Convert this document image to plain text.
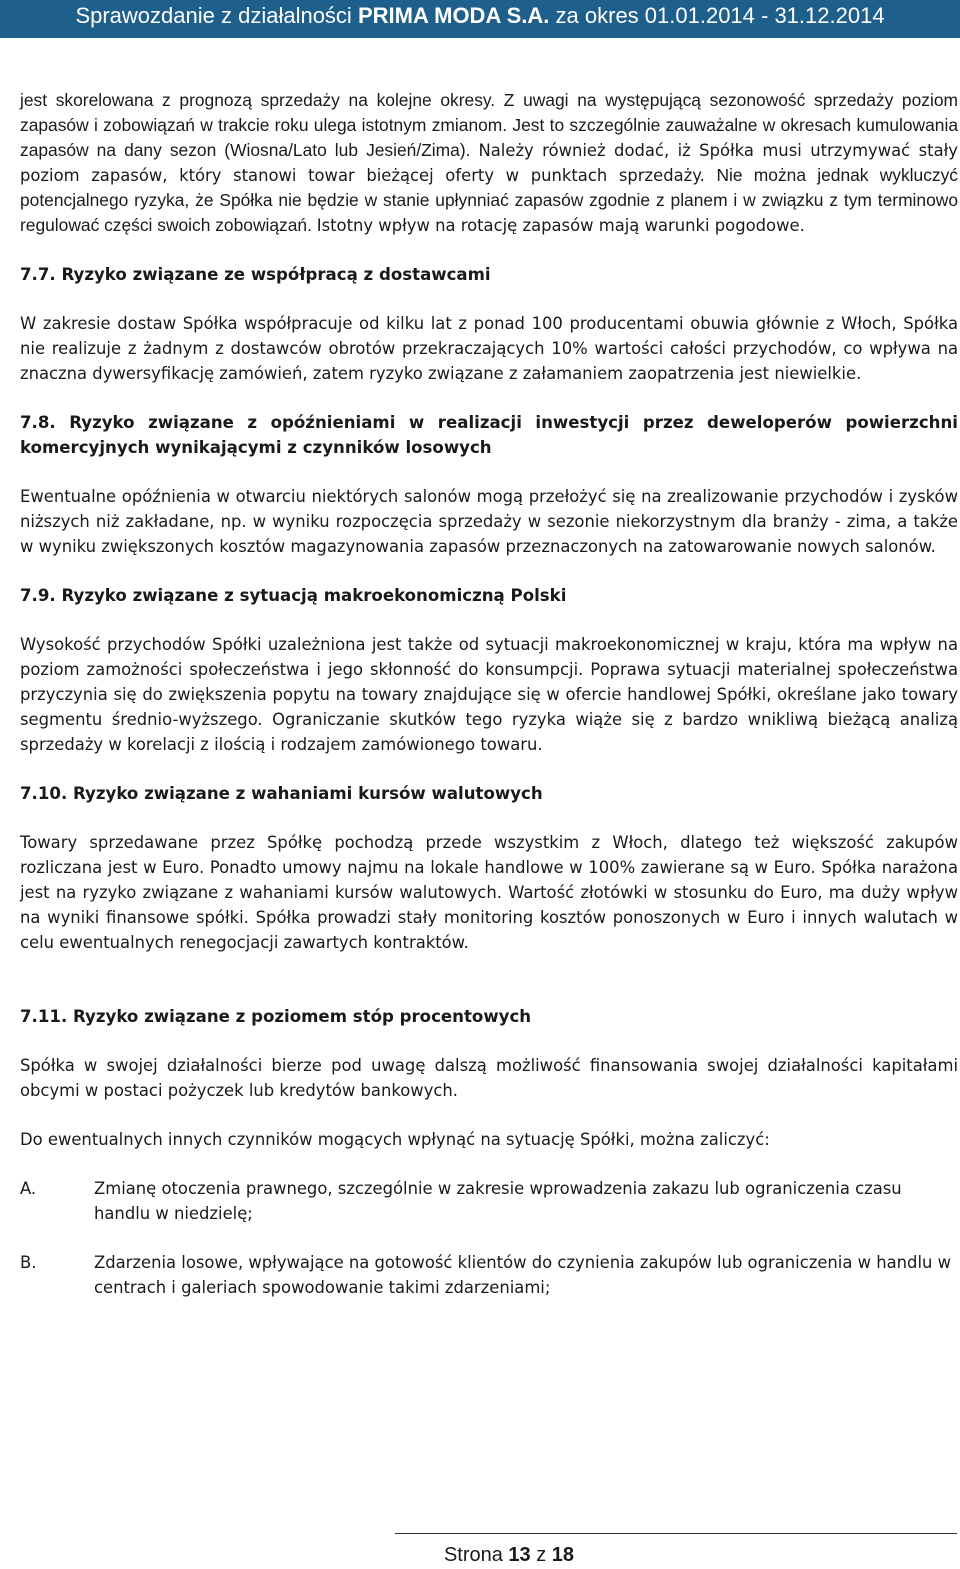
Sprawozdanie z działalności PRIMA MODA S.A. za okres 01.01.2014 - 31.12.2014

jest skorelowana z prognozą sprzedaży na kolejne okresy. Z uwagi na występującą sezonowość sprzedaży poziom zapasów i zobowiązań w trakcie roku ulega istotnym zmianom. Jest to szczególnie zauważalne w okresach kumulowania zapasów na dany sezon (Wiosna/Lato lub Jesień/Zima). Należy również dodać, iż Spółka musi utrzymywać stały poziom zapasów, który stanowi towar bieżącej oferty w punktach sprzedaży. Nie można jednak wykluczyć potencjalnego ryzyka, że Spółka nie będzie w stanie upłynniać zapasów zgodnie z planem i w związku z tym terminowo regulować części swoich zobowiązań. Istotny wpływ na rotację zapasów mają warunki pogodowe.

7.7. Ryzyko związane ze współpracą z dostawcami

W zakresie dostaw Spółka współpracuje od kilku lat z ponad 100 producentami obuwia głównie z Włoch, Spółka nie realizuje z żadnym z dostawców obrotów przekraczających 10% wartości całości przychodów, co wpływa na znaczna dywersyfikację zamówień, zatem ryzyko związane z załamaniem zaopatrzenia jest niewielkie.

7.8. Ryzyko związane z opóźnieniami w realizacji inwestycji przez deweloperów powierzchni komercyjnych wynikającymi z czynników losowych

Ewentualne opóźnienia w otwarciu niektórych salonów mogą przełożyć się na zrealizowanie przychodów i zysków niższych niż zakładane, np. w wyniku rozpoczęcia sprzedaży w sezonie niekorzystnym dla branży - zima, a także w wyniku zwiększonych kosztów magazynowania zapasów przeznaczonych na zatowarowanie nowych salonów.

7.9. Ryzyko związane z sytuacją makroekonomiczną Polski

Wysokość przychodów Spółki uzależniona jest także od sytuacji makroekonomicznej w kraju, która ma wpływ na poziom zamożności społeczeństwa i jego skłonność do konsumpcji. Poprawa sytuacji materialnej społeczeństwa przyczynia się do zwiększenia popytu na towary znajdujące się w ofercie handlowej Spółki, określane jako towary segmentu średnio-wyższego. Ograniczanie skutków tego ryzyka wiąże się z bardzo wnikliwą bieżącą analizą sprzedaży w korelacji z ilością i rodzajem zamówionego towaru.

7.10. Ryzyko związane z wahaniami kursów walutowych

Towary sprzedawane przez Spółkę pochodzą przede wszystkim z Włoch, dlatego też większość zakupów rozliczana jest w Euro. Ponadto umowy najmu na lokale handlowe w 100% zawierane są w Euro. Spółka narażona jest na ryzyko związane z wahaniami kursów walutowych. Wartość złotówki w stosunku do Euro, ma duży wpływ na wyniki finansowe spółki. Spółka prowadzi stały monitoring kosztów ponoszonych w Euro i innych walutach w celu ewentualnych renegocjacji zawartych kontraktów.

7.11. Ryzyko związane z poziomem stóp procentowych

Spółka w swojej działalności bierze pod uwagę dalszą możliwość finansowania swojej działalności kapitałami obcymi w postaci pożyczek lub kredytów bankowych.

Do ewentualnych innych czynników mogących wpłynąć na sytuację Spółki, można zaliczyć:

A.	Zmianę otoczenia prawnego, szczególnie w zakresie wprowadzenia zakazu lub ograniczenia czasu handlu w niedzielę;
B.	Zdarzenia losowe, wpływające na gotowość klientów do czynienia zakupów lub ograniczenia w handlu w centrach i galeriach spowodowanie takimi zdarzeniami;
Strona 13 z 18
